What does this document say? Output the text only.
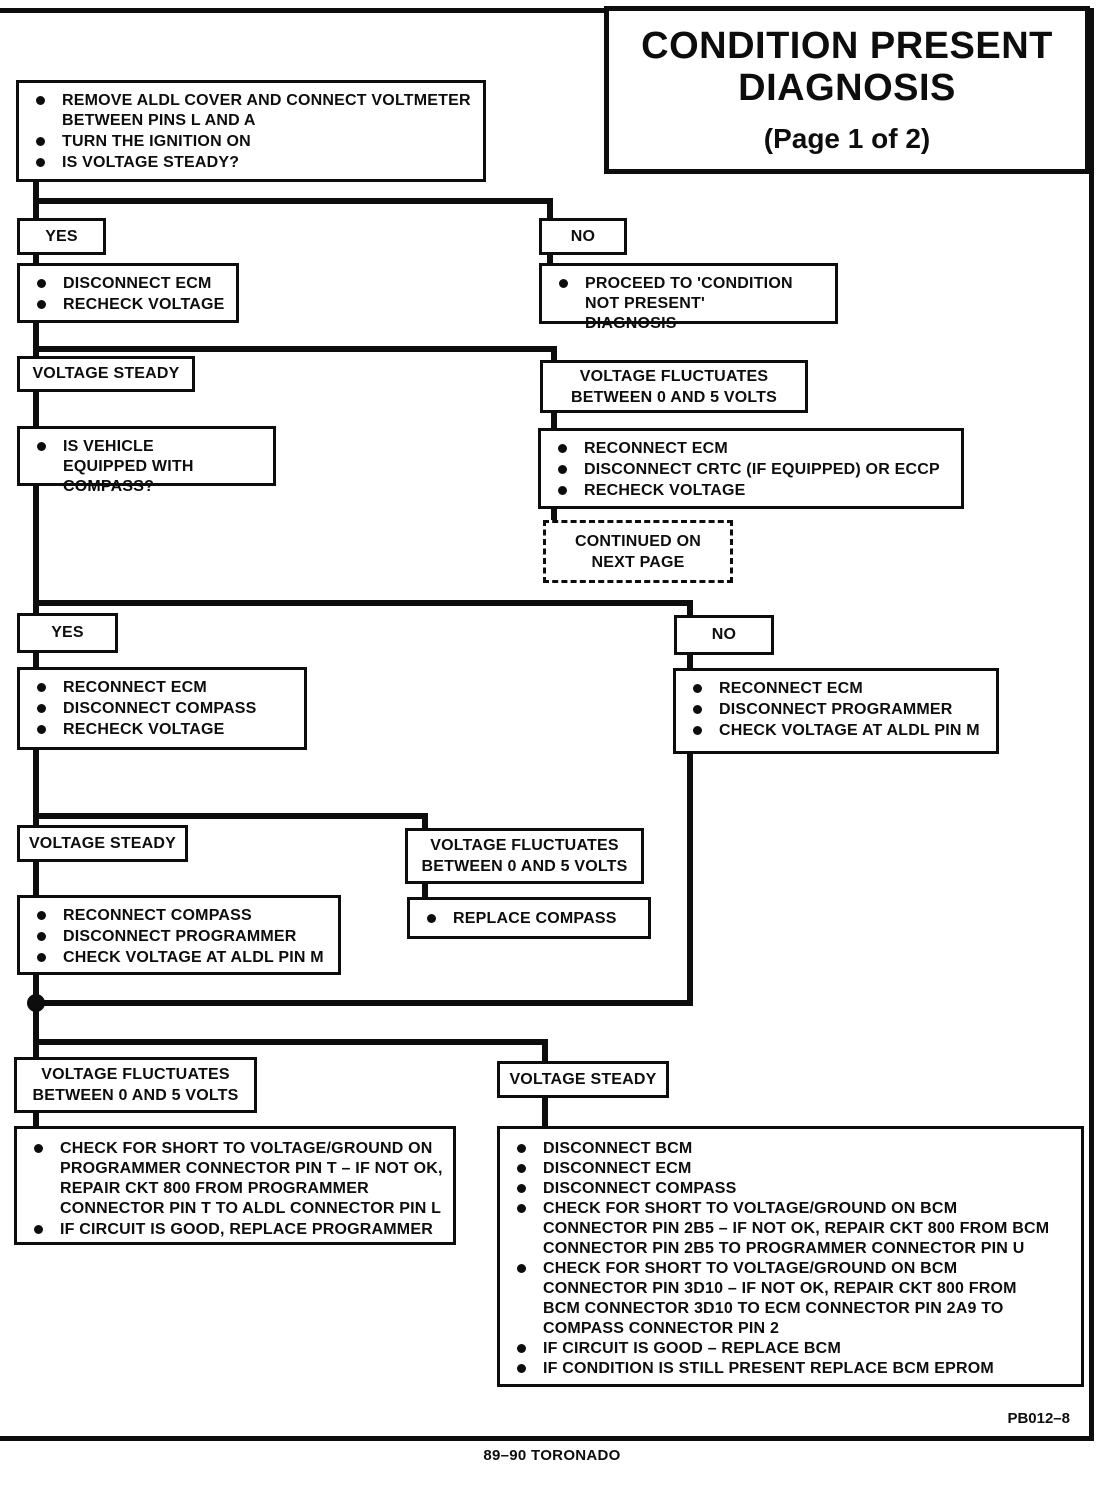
CONDITION PRESENT
DIAGNOSIS
(Page 1 of 2)
REMOVE ALDL COVER AND CONNECT VOLTMETER BETWEEN PINS L AND A
TURN THE IGNITION ON
IS VOLTAGE STEADY?
YES	NO
DISCONNECT ECM
RECHECK VOLTAGE
PROCEED TO 'CONDITION NOT PRESENT' DIAGNOSIS
VOLTAGE STEADY	VOLTAGE FLUCTUATES
BETWEEN 0 AND 5 VOLTS
IS VEHICLE EQUIPPED WITH COMPASS?
RECONNECT ECM
DISCONNECT CRTC (IF EQUIPPED) OR ECCP
RECHECK VOLTAGE
CONTINUED ON
NEXT PAGE
YES	NO
RECONNECT ECM
DISCONNECT COMPASS
RECHECK VOLTAGE
RECONNECT ECM
DISCONNECT PROGRAMMER
CHECK VOLTAGE AT ALDL PIN M
VOLTAGE STEADY	VOLTAGE FLUCTUATES
BETWEEN 0 AND 5 VOLTS
RECONNECT COMPASS
DISCONNECT PROGRAMMER
CHECK VOLTAGE AT ALDL PIN M
REPLACE COMPASS
VOLTAGE FLUCTUATES
BETWEEN 0 AND 5 VOLTS
VOLTAGE STEADY
CHECK FOR SHORT TO VOLTAGE/GROUND ON PROGRAMMER CONNECTOR PIN T – IF NOT OK, REPAIR CKT 800 FROM PROGRAMMER CONNECTOR PIN T TO ALDL CONNECTOR PIN L
IF CIRCUIT IS GOOD, REPLACE PROGRAMMER
DISCONNECT BCM
DISCONNECT ECM
DISCONNECT COMPASS
CHECK FOR SHORT TO VOLTAGE/GROUND ON BCM CONNECTOR PIN 2B5 – IF NOT OK, REPAIR CKT 800 FROM BCM CONNECTOR PIN 2B5 TO PROGRAMMER CONNECTOR PIN U
CHECK FOR SHORT TO VOLTAGE/GROUND ON BCM CONNECTOR PIN 3D10 – IF NOT OK, REPAIR CKT 800 FROM BCM CONNECTOR 3D10 TO ECM CONNECTOR PIN 2A9 TO COMPASS CONNECTOR PIN 2
IF CIRCUIT IS GOOD – REPLACE BCM
IF CONDITION IS STILL PRESENT REPLACE BCM EPROM
PB012–8
89–90 TORONADO
